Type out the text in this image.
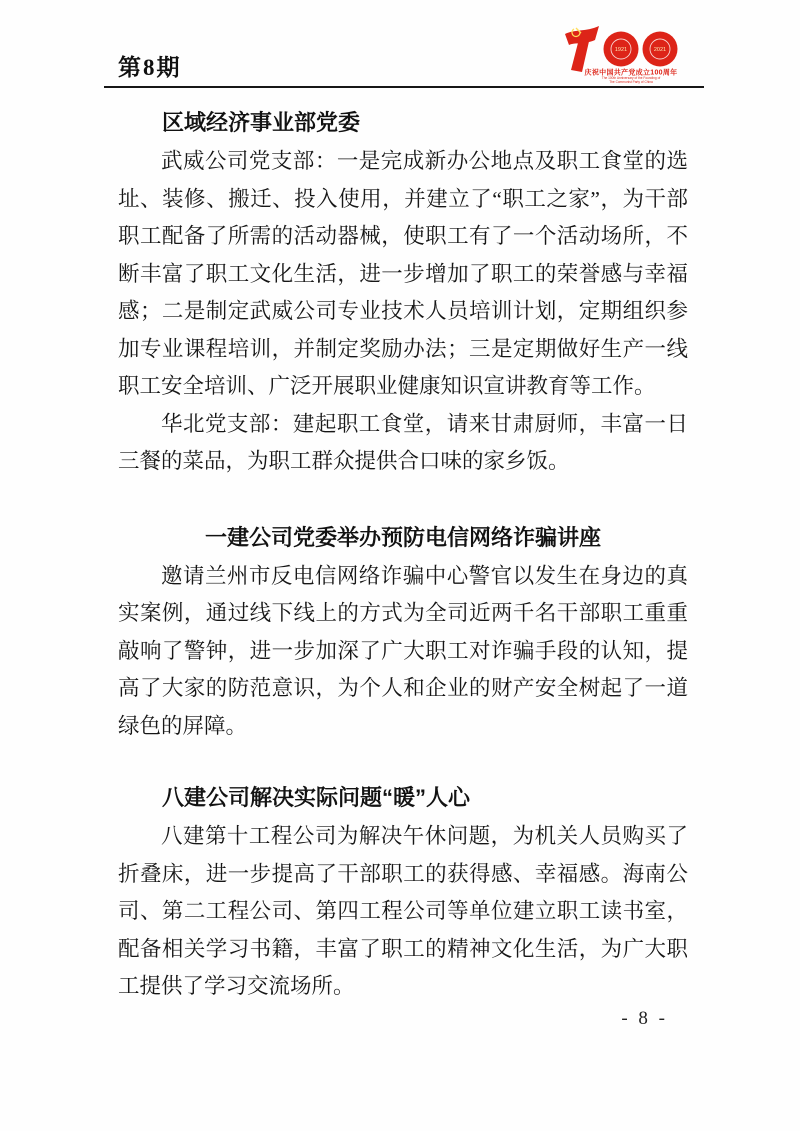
第8期
1921	2021
庆祝中国共产党成立100周年
The 100th Anniversary of the Founding of
The Communist Party of China
区域经济事业部党委

武威公司党支部：一是完成新办公地点及职工食堂的选址、装修、搬迁、投入使用，并建立了“职工之家”，为干部职工配备了所需的活动器械，使职工有了一个活动场所，不断丰富了职工文化生活，进一步增加了职工的荣誉感与幸福感；二是制定武威公司专业技术人员培训计划，定期组织参加专业课程培训，并制定奖励办法；三是定期做好生产一线职工安全培训、广泛开展职业健康知识宣讲教育等工作。

华北党支部：建起职工食堂，请来甘肃厨师，丰富一日三餐的菜品，为职工群众提供合口味的家乡饭。

一建公司党委举办预防电信网络诈骗讲座

邀请兰州市反电信网络诈骗中心警官以发生在身边的真实案例，通过线下线上的方式为全司近两千名干部职工重重敲响了警钟，进一步加深了广大职工对诈骗手段的认知，提高了大家的防范意识，为个人和企业的财产安全树起了一道绿色的屏障。

八建公司解决实际问题“暖”人心

八建第十工程公司为解决午休问题，为机关人员购买了折叠床，进一步提高了干部职工的获得感、幸福感。海南公司、第二工程公司、第四工程公司等单位建立职工读书室，配备相关学习书籍，丰富了职工的精神文化生活，为广大职工提供了学习交流场所。

- 8 -
